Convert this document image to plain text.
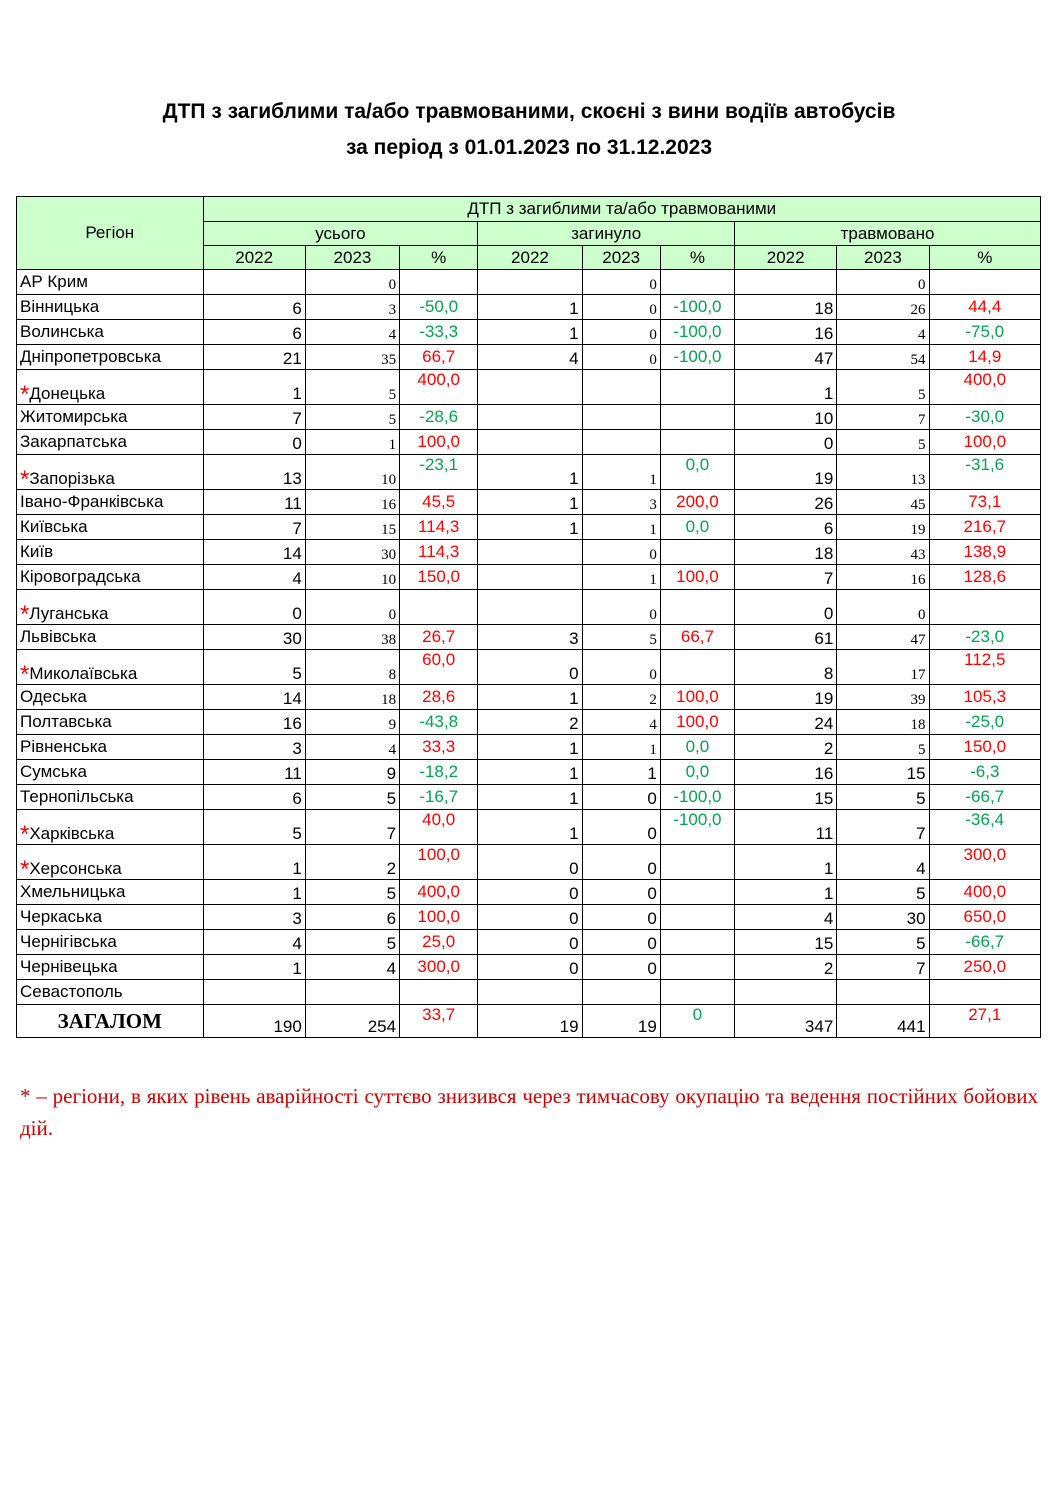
ДТП з загиблими та/або травмованими, скоєні з вини водіїв автобусів
за період з 01.01.2023 по 31.12.2023
Регіон	ДТП з загиблими та/або травмованими								
	усього			загинуло			травмовано		
	2022	2023	%	2022	2023	%	2022	2023	%
АР Крим		0			0			0	
Вінницька	6	3	-50,0	1	0	-100,0	18	26	44,4
Волинська	6	4	-33,3	1	0	-100,0	16	4	-75,0
Дніпропетровська	21	35	66,7	4	0	-100,0	47	54	14,9
*Донецька	1	5	400,0				1	5	400,0
Житомирська	7	5	-28,6				10	7	-30,0
Закарпатська	0	1	100,0				0	5	100,0
*Запорізька	13	10	-23,1	1	1	0,0	19	13	-31,6
Івано-Франківська	11	16	45,5	1	3	200,0	26	45	73,1
Київська	7	15	114,3	1	1	0,0	6	19	216,7
Київ	14	30	114,3		0		18	43	138,9
Кіровоградська	4	10	150,0		1	100,0	7	16	128,6
*Луганська	0	0			0		0	0	
Львівська	30	38	26,7	3	5	66,7	61	47	-23,0
*Миколаївська	5	8	60,0	0	0		8	17	112,5
Одеська	14	18	28,6	1	2	100,0	19	39	105,3
Полтавська	16	9	-43,8	2	4	100,0	24	18	-25,0
Рівненська	3	4	33,3	1	1	0,0	2	5	150,0
Сумська	11	9	-18,2	1	1	0,0	16	15	-6,3
Тернопільська	6	5	-16,7	1	0	-100,0	15	5	-66,7
*Харківська	5	7	40,0	1	0	-100,0	11	7	-36,4
*Херсонська	1	2	100,0	0	0		1	4	300,0
Хмельницька	1	5	400,0	0	0		1	5	400,0
Черкаська	3	6	100,0	0	0		4	30	650,0
Чернігівська	4	5	25,0	0	0		15	5	-66,7
Чернівецька	1	4	300,0	0	0		2	7	250,0
Севастополь									
ЗАГАЛОМ	190	254	33,7	19	19	0	347	441	27,1
* – регіони, в яких рівень аварійності суттєво знизився через тимчасову окупацію та ведення постійних бойових дій.
